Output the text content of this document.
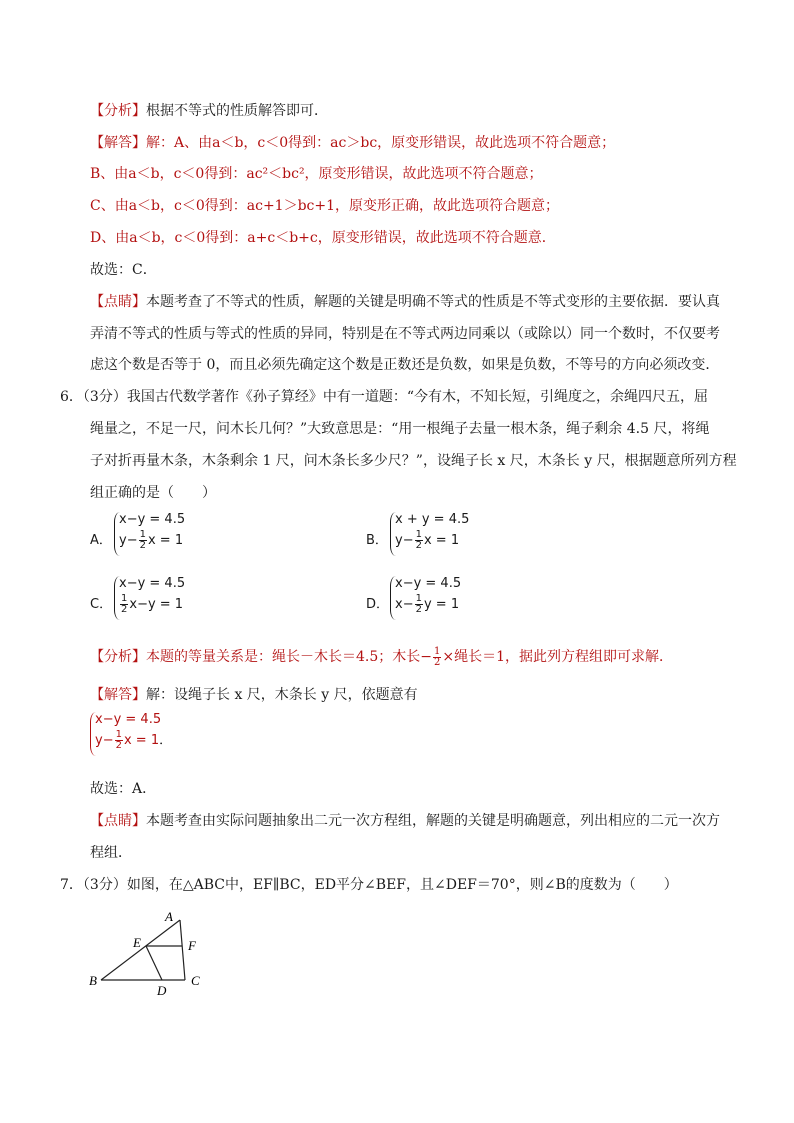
【分析】根据不等式的性质解答即可．
【解答】解：A、由a＜b，c＜0得到：ac＞bc，原变形错误，故此选项不符合题意；
B、由a＜b，c＜0得到：ac²＜bc²，原变形错误，故此选项不符合题意；
C、由a＜b，c＜0得到：ac+1＞bc+1，原变形正确，故此选项符合题意；
D、由a＜b，c＜0得到：a+c＜b+c，原变形错误，故此选项不符合题意．
故选：C．
【点睛】本题考查了不等式的性质，解题的关键是明确不等式的性质是不等式变形的主要依据．要认真
弄清不等式的性质与等式的性质的异同，特别是在不等式两边同乘以（或除以）同一个数时，不仅要考
虑这个数是否等于 0，而且必须先确定这个数是正数还是负数，如果是负数，不等号的方向必须改变．
6．（3分）我国古代数学著作《孙子算经》中有一道题：“今有木，不知长短，引绳度之，余绳四尺五，屈
绳量之，不足一尺，问木长几何？”大致意思是：“用一根绳子去量一根木条，绳子剩余 4.5 尺，将绳
子对折再量木条，木条剩余 1 尺，问木条长多少尺？”，设绳子长 x 尺，木条长 y 尺，根据题意所列方程
组正确的是（　　）
A．
x−y = 4.5
$y- \frac{1}{2}$ x = 1	B．
x + y = 4.5
$y- \frac{1}{2}$ x = 1
C．
x−y = 4.5
$\frac{1}{2} x-y = 1$	D．
x−y = 4.5
$x- \frac{1}{2}$ y = 1
【分析】本题的等量关系是：绳长－木长＝4.5；木长− $\frac{1}{2}$ ×绳长＝1，据此列方程组即可求解．
【解答】解：设绳子长 x 尺，木条长 y 尺，依题意有
x−y = 4.5
$y- \frac{1}{2}$ x = 1．
故选：A．
【点睛】本题考查由实际问题抽象出二元一次方程组，解题的关键是明确题意，列出相应的二元一次方
程组．
7．（3分）如图，在△ABC中，EF∥BC，ED平分∠BEF，且∠DEF＝70°，则∠B的度数为（　　）
A
B	C
D
E	F
